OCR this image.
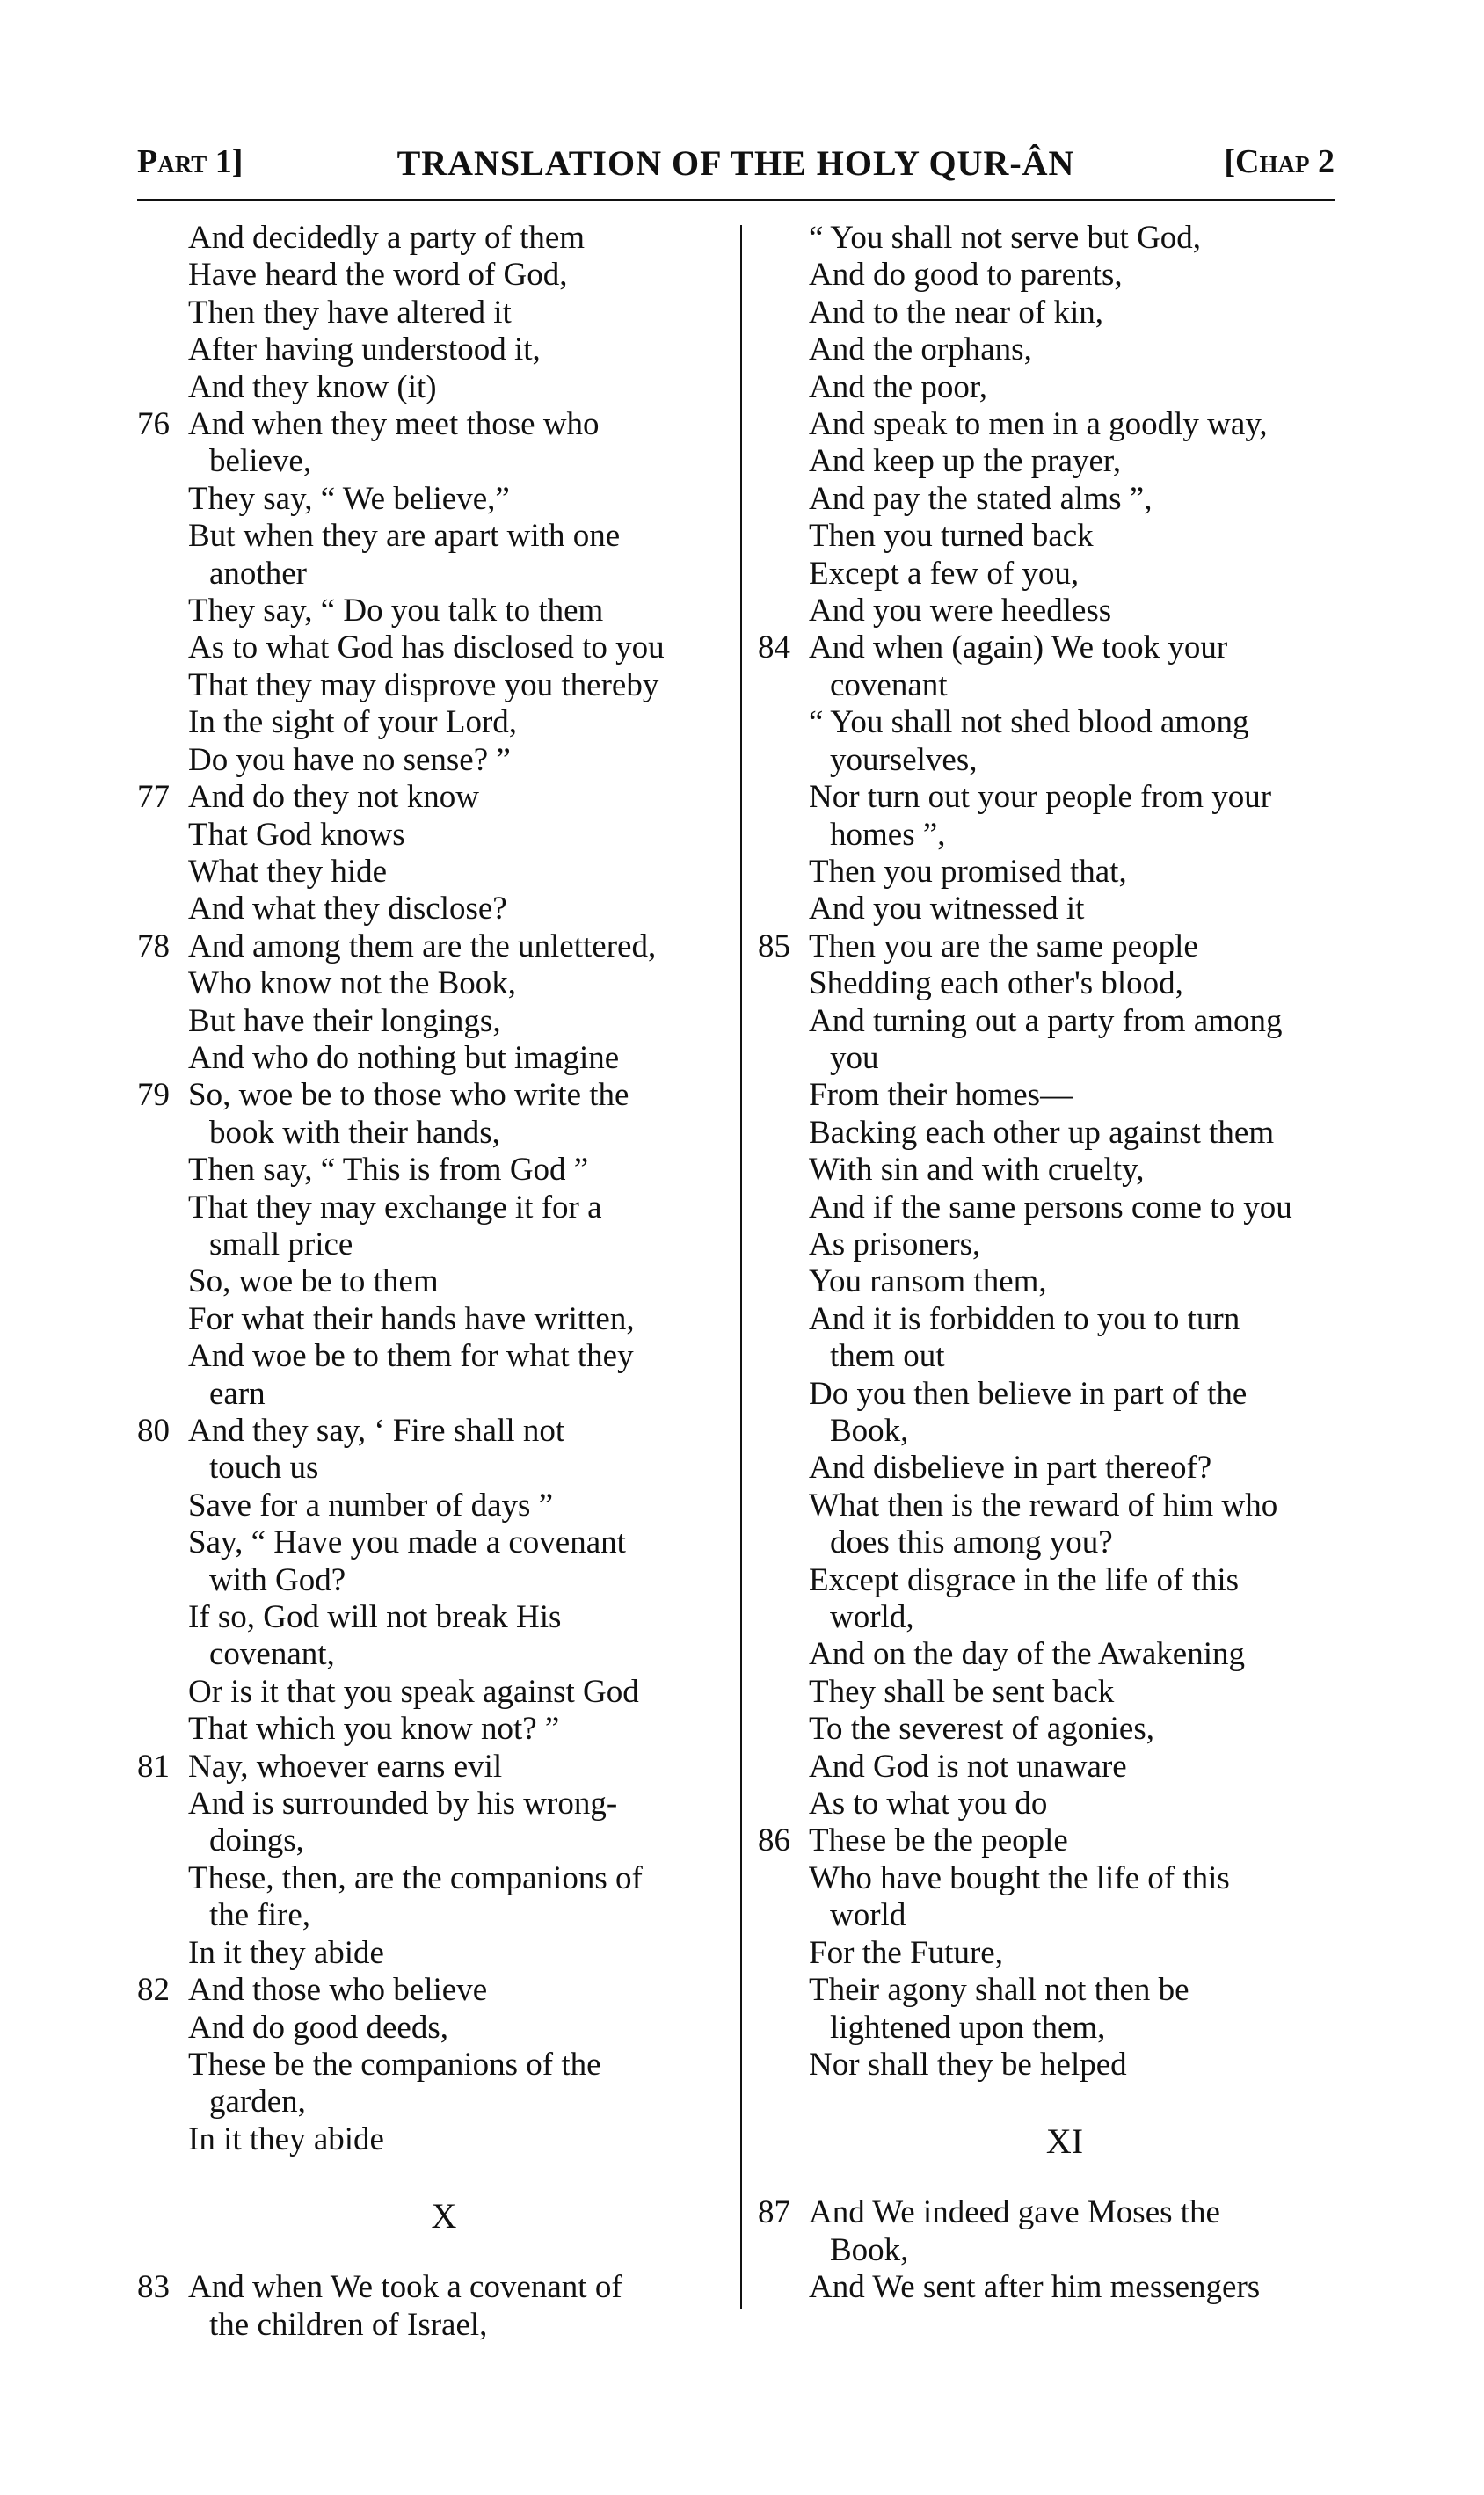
Part 1]	TRANSLATION OF THE HOLY QUR-ÂN	[Chap 2
And decidedly a party of them
Have heard the word of God,
Then they have altered it
After having understood it,
And they know (it)
76 And when they meet those who
believe,
They say, “ We believe,”
But when they are apart with one
another
They say, “ Do you talk to them
As to what God has disclosed to you
That they may disprove you thereby
In the sight of your Lord,
Do you have no sense? ”
77 And do they not know
That God knows
What they hide
And what they disclose?
78 And among them are the unlettered,
Who know not the Book,
But have their longings,
And who do nothing but imagine
79 So, woe be to those who write the
book with their hands,
Then say, “ This is from God ”
That they may exchange it for a
small price
So, woe be to them
For what their hands have written,
And woe be to them for what they
earn
80 And they say, ‘ Fire shall not
touch us
Save for a number of days ”
Say, “ Have you made a covenant
with God?
If so, God will not break His
covenant,
Or is it that you speak against God
That which you know not? ”
81 Nay, whoever earns evil
And is surrounded by his wrong-
doings,
These, then, are the companions of
the fire,
In it they abide
82 And those who believe
And do good deeds,
These be the companions of the
garden,
In it they abide
X
83 And when We took a covenant of
the children of Israel,
“ You shall not serve but God,
And do good to parents,
And to the near of kin,
And the orphans,
And the poor,
And speak to men in a goodly way,
And keep up the prayer,
And pay the stated alms ”,
Then you turned back
Except a few of you,
And you were heedless
84 And when (again) We took your
covenant
“ You shall not shed blood among
yourselves,
Nor turn out your people from your
homes ”,
Then you promised that,
And you witnessed it
85 Then you are the same people
Shedding each other's blood,
And turning out a party from among
you
From their homes—
Backing each other up against them
With sin and with cruelty,
And if the same persons come to you
As prisoners,
You ransom them,
And it is forbidden to you to turn
them out
Do you then believe in part of the
Book,
And disbelieve in part thereof?
What then is the reward of him who
does this among you?
Except disgrace in the life of this
world,
And on the day of the Awakening
They shall be sent back
To the severest of agonies,
And God is not unaware
As to what you do
86 These be the people
Who have bought the life of this
world
For the Future,
Their agony shall not then be
lightened upon them,
Nor shall they be helped
XI
87 And We indeed gave Moses the
Book,
And We sent after him messengers
